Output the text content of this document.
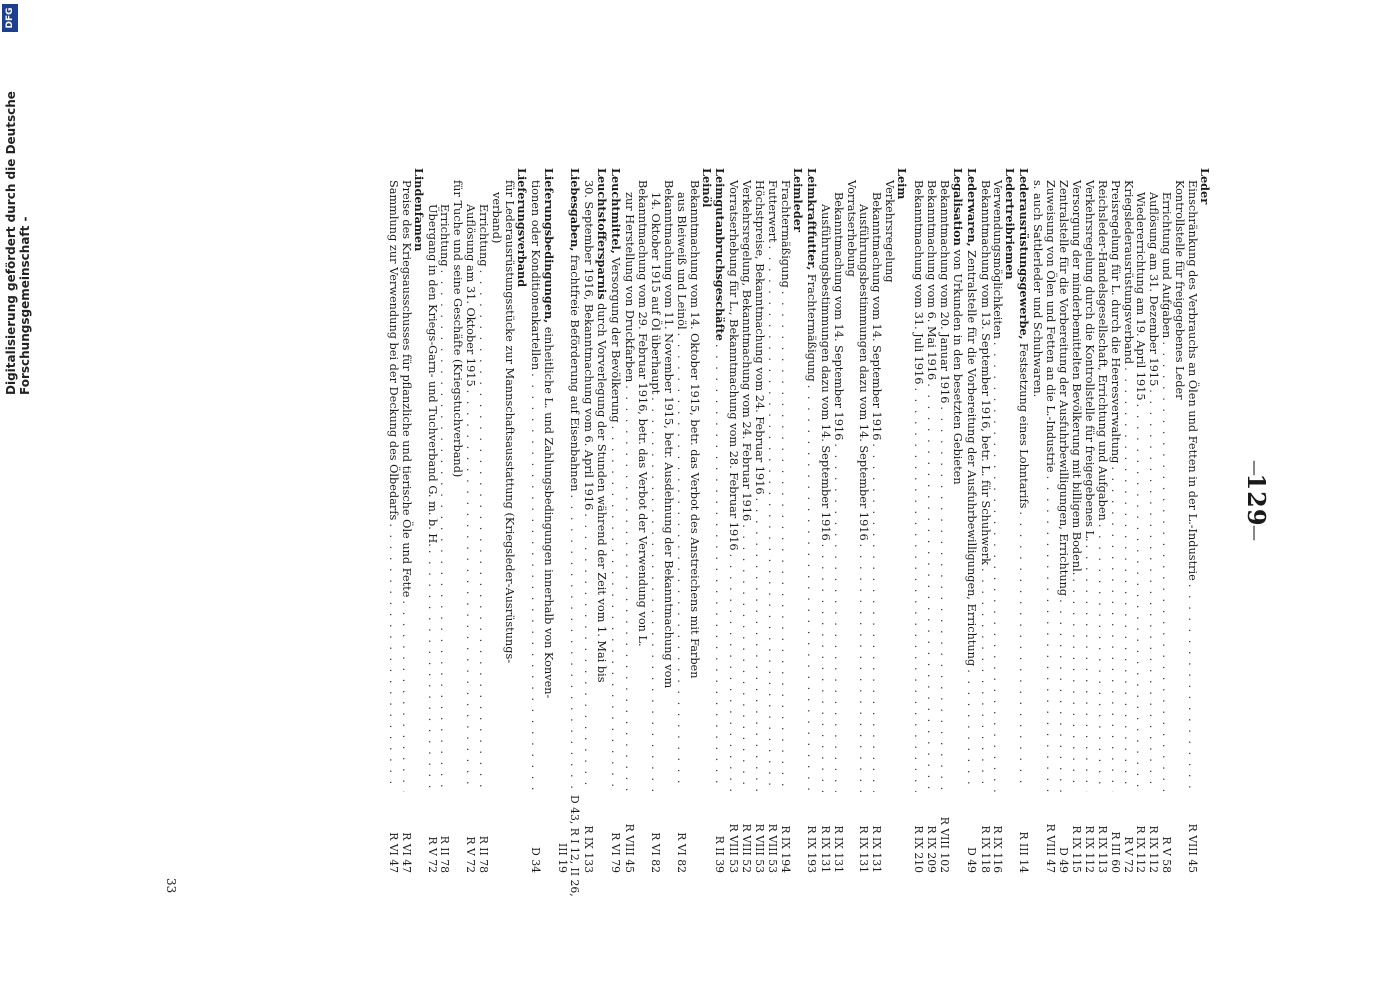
—
129
—
Leder
Einschränkung des Verbrauchs an Ölen und Fetten in der L.-Industrie
. . .
R VIII 45
Kontrollstelle für freigegebenes Leder
Errichtung und Aufgaben
. . .
R V 58
Auflösung am 31. Dezember 1915
. . .
R IX 112
Wiedererrichtung am 19. April 1915
. . .
R IX 112
Kriegslederausrüstungsverband
. . .
R V 72
Preisregelung für L. durch die Heeresverwaltung
. . .
R III 60
Reichsleder-Handelsgesellschaft, Errichtung und Aufgaben
. . .
R IX 113
Verkehrsregelung durch die Kontrollstelle für freigegebenes L.
. . .
R IX 112
Versorgung der minderbemittelten Bevölkerung mit billigem Bodenl.
. . .
R IX 115
Zentralstelle für die Vorbereitung der Ausfuhrbewilligungen, Errichtung
. . .
D 49
Zuweisung von Ölen und Fetten an die L.-Industrie
. . .
R VIII 47
s. auch Sattlerleder und Schuhwaren.
Lederausrüstungsgewerbe, Festsetzung eines Lohntarifs
. . .
R III 14
Ledertreibriemen
Verwendungsmöglichkeiten
. . .
R IX 116
Bekanntmachung vom 13. September 1916, betr. L. für Schuhwerk
. . .
R IX 118
Lederwaren, Zentralstelle für die Vorbereitung der Ausfuhrbewilligungen, Errichtung
. . .
D 49
Legalisation von Urkunden in den besetzten Gebieten
Bekanntmachung vom 20. Januar 1916
. . .
R VIII 102
Bekanntmachung vom 6. Mai 1916
. . .
R IX 209
Bekanntmachung vom 31. Juli 1916
. . .
R IX 210
Leim
Verkehrsregelung
Bekanntmachung vom 14. September 1916
. . .
R IX 131
Ausführungsbestimmungen dazu vom 14. September 1916
. . .
R IX 131
Vorratserhebung
Bekanntmachung vom 14. September 1916
. . .
R IX 131
Ausführungsbestimmungen dazu vom 14. September 1916
. . .
R IX 131
Leimkraftfutter, Frachtermäßigung
. . .
R IX 193
Leimleder
Frachtermäßigung
. . .
R IX 194
Futterwert
. . .
R VIII 53
Höchstpreise, Bekanntmachung vom 24. Februar 1916
. . .
R VIII 53
Verkehrsregelung, Bekanntmachung vom 24. Februar 1916
. . .
R VIII 52
Vorratserhebung für L., Bekanntmachung vom 28. Februar 1916
. . .
R VIII 53
Leimgutanbruchsgeschäfte
. . .
R II 39
Leinöl
Bekanntmachung vom 14. Oktober 1915, betr. das Verbot des Anstreichens mit Farben
aus Bleiweiß und Leinöl
. . .
R VI 82
Bekanntmachung vom 11. November 1915, betr. Ausdehnung der Bekanntmachung vom
14. Oktober 1915 auf Öl überhaupt
. . .
R VI 82
Bekanntmachung vom 29. Februar 1916, betr. das Verbot der Verwendung von L.
zur Herstellung von Druckfarben
. . .
R VIII 45
Leuchtmittel, Versorgung der Bevölkerung
. . .
R VI 79
Leuchtstoffersparnis durch Vorverlegung der Stunden während der Zeit vom 1. Mai bis
30. September 1916, Bekanntmachung vom 6. April 1916
. . .
R IX 133
Liebesgaben, frachtfreie Beförderung auf Eisenbahnen
. . .
D 43, R I 12, II 26,
III 19
Lieferungsbedingungen, einheitliche L. und Zahlungsbedingungen innerhalb von Konven-
tionen oder Konditionenkartellen
. . .
D 34
Lieferungsverband
für Lederausrüstungsstücke zur Mannschaftsausstattung (Kriegsleder-Ausrüstungs-
verband)
Errichtung
. . .
R II 78
Auflösung am 31. Oktober 1915
. . .
R V 72
für Tuche und seine Geschäfte (Kriegstuchverband)
Errichtung
. . .
R II 78
Übergang in den Kriegs-Garn- und Tuchverband G. m. b. H.
. . .
R V 72
Lindenfamen
Preise des Kriegsausschusses für pflanzliche und tierische Öle und Fette
. . .
R VI 47
Sammlung zur Verwendung bei der Deckung des Ölbedarfs
. . .
R VI 47
33
Digitalisierung gefördert durch die Deutsche Forschungsgemeinschaft -
DFG
